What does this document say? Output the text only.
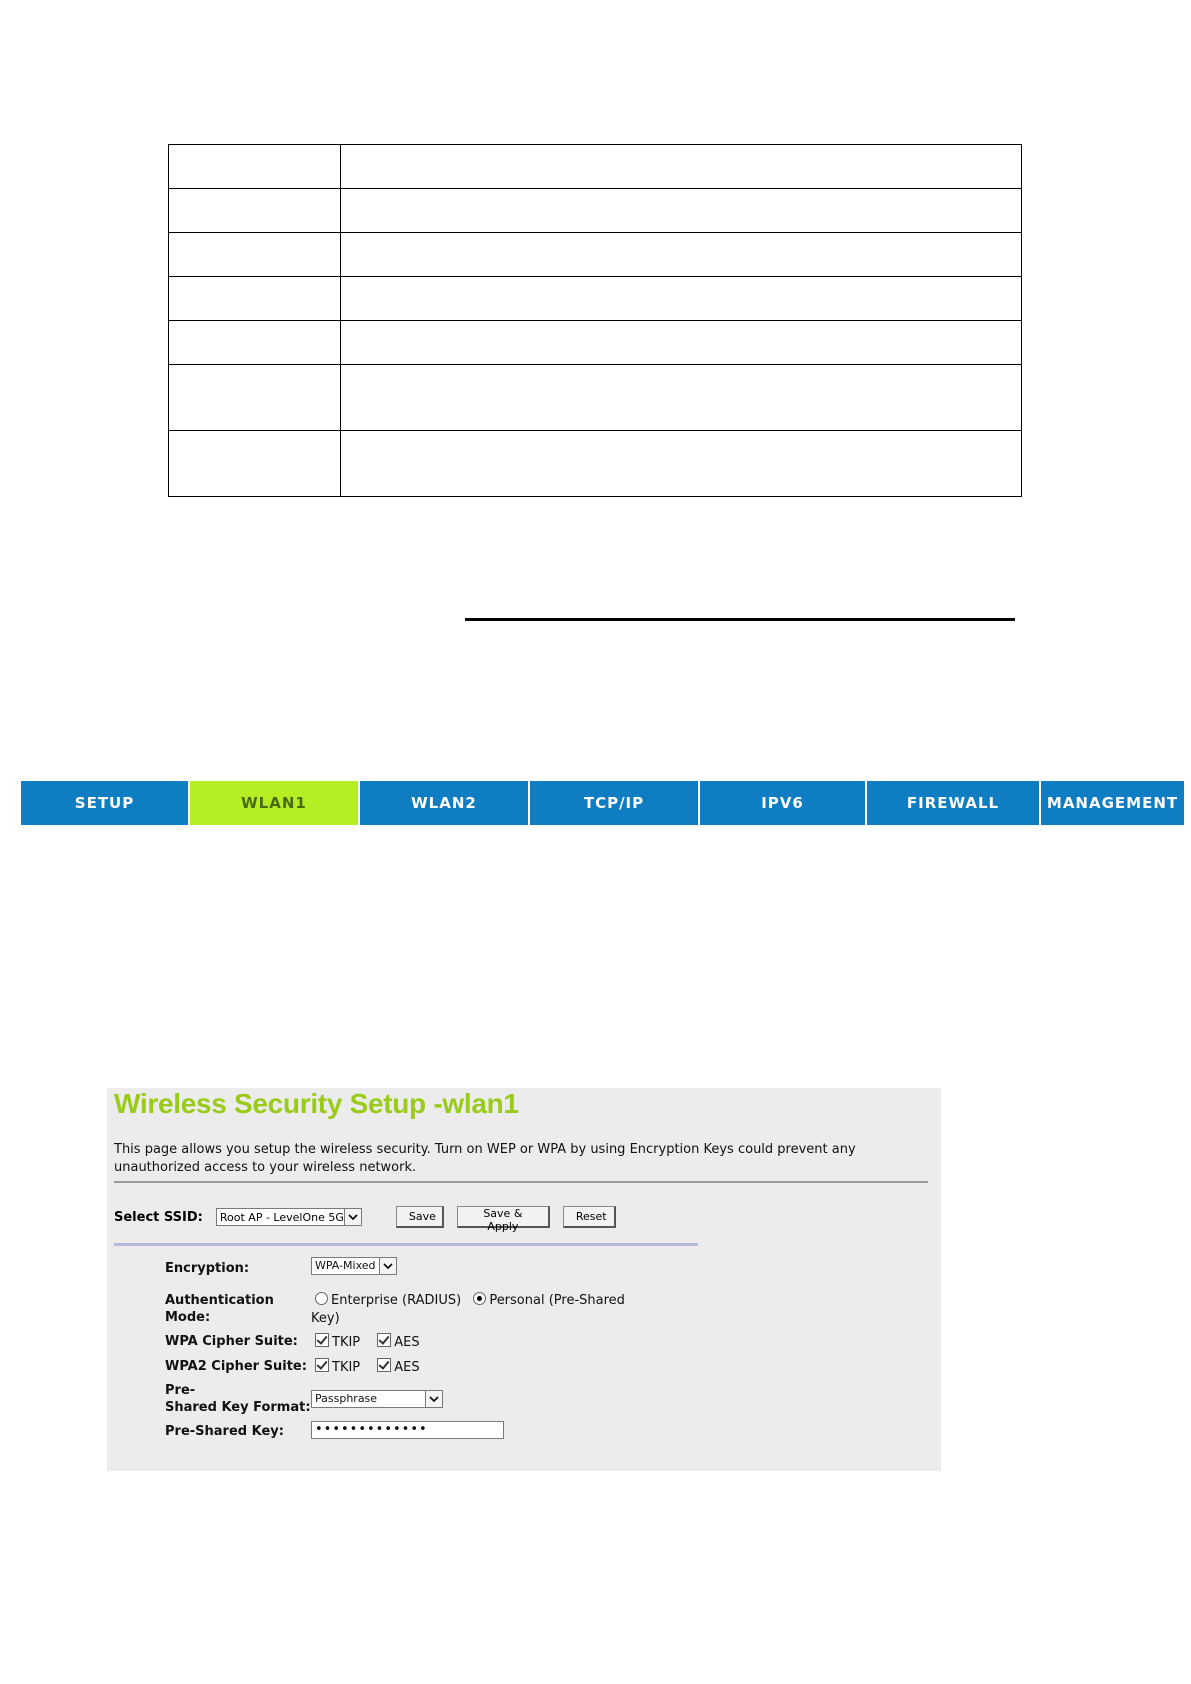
SETUP	WLAN1	WLAN2	TCP/IP	IPV6	FIREWALL	MANAGEMENT
Wireless Security Setup -wlan1
This page allows you setup the wireless security. Turn on WEP or WPA by using Encryption Keys could prevent any unauthorized access to your wireless network.
Select SSID: Root AP - LevelOne 5G	Save	Save & Apply
Reset
Encryption:	WPA-Mixed
Authentication
Mode:
Enterprise (RADIUS) Personal (Pre-Shared
Key)
WPA Cipher Suite:	TKIP	AES
WPA2 Cipher Suite:	TKIP	AES
Pre-
Shared Key Format:
Passphrase
Pre-Shared Key:	•••••••••••••
